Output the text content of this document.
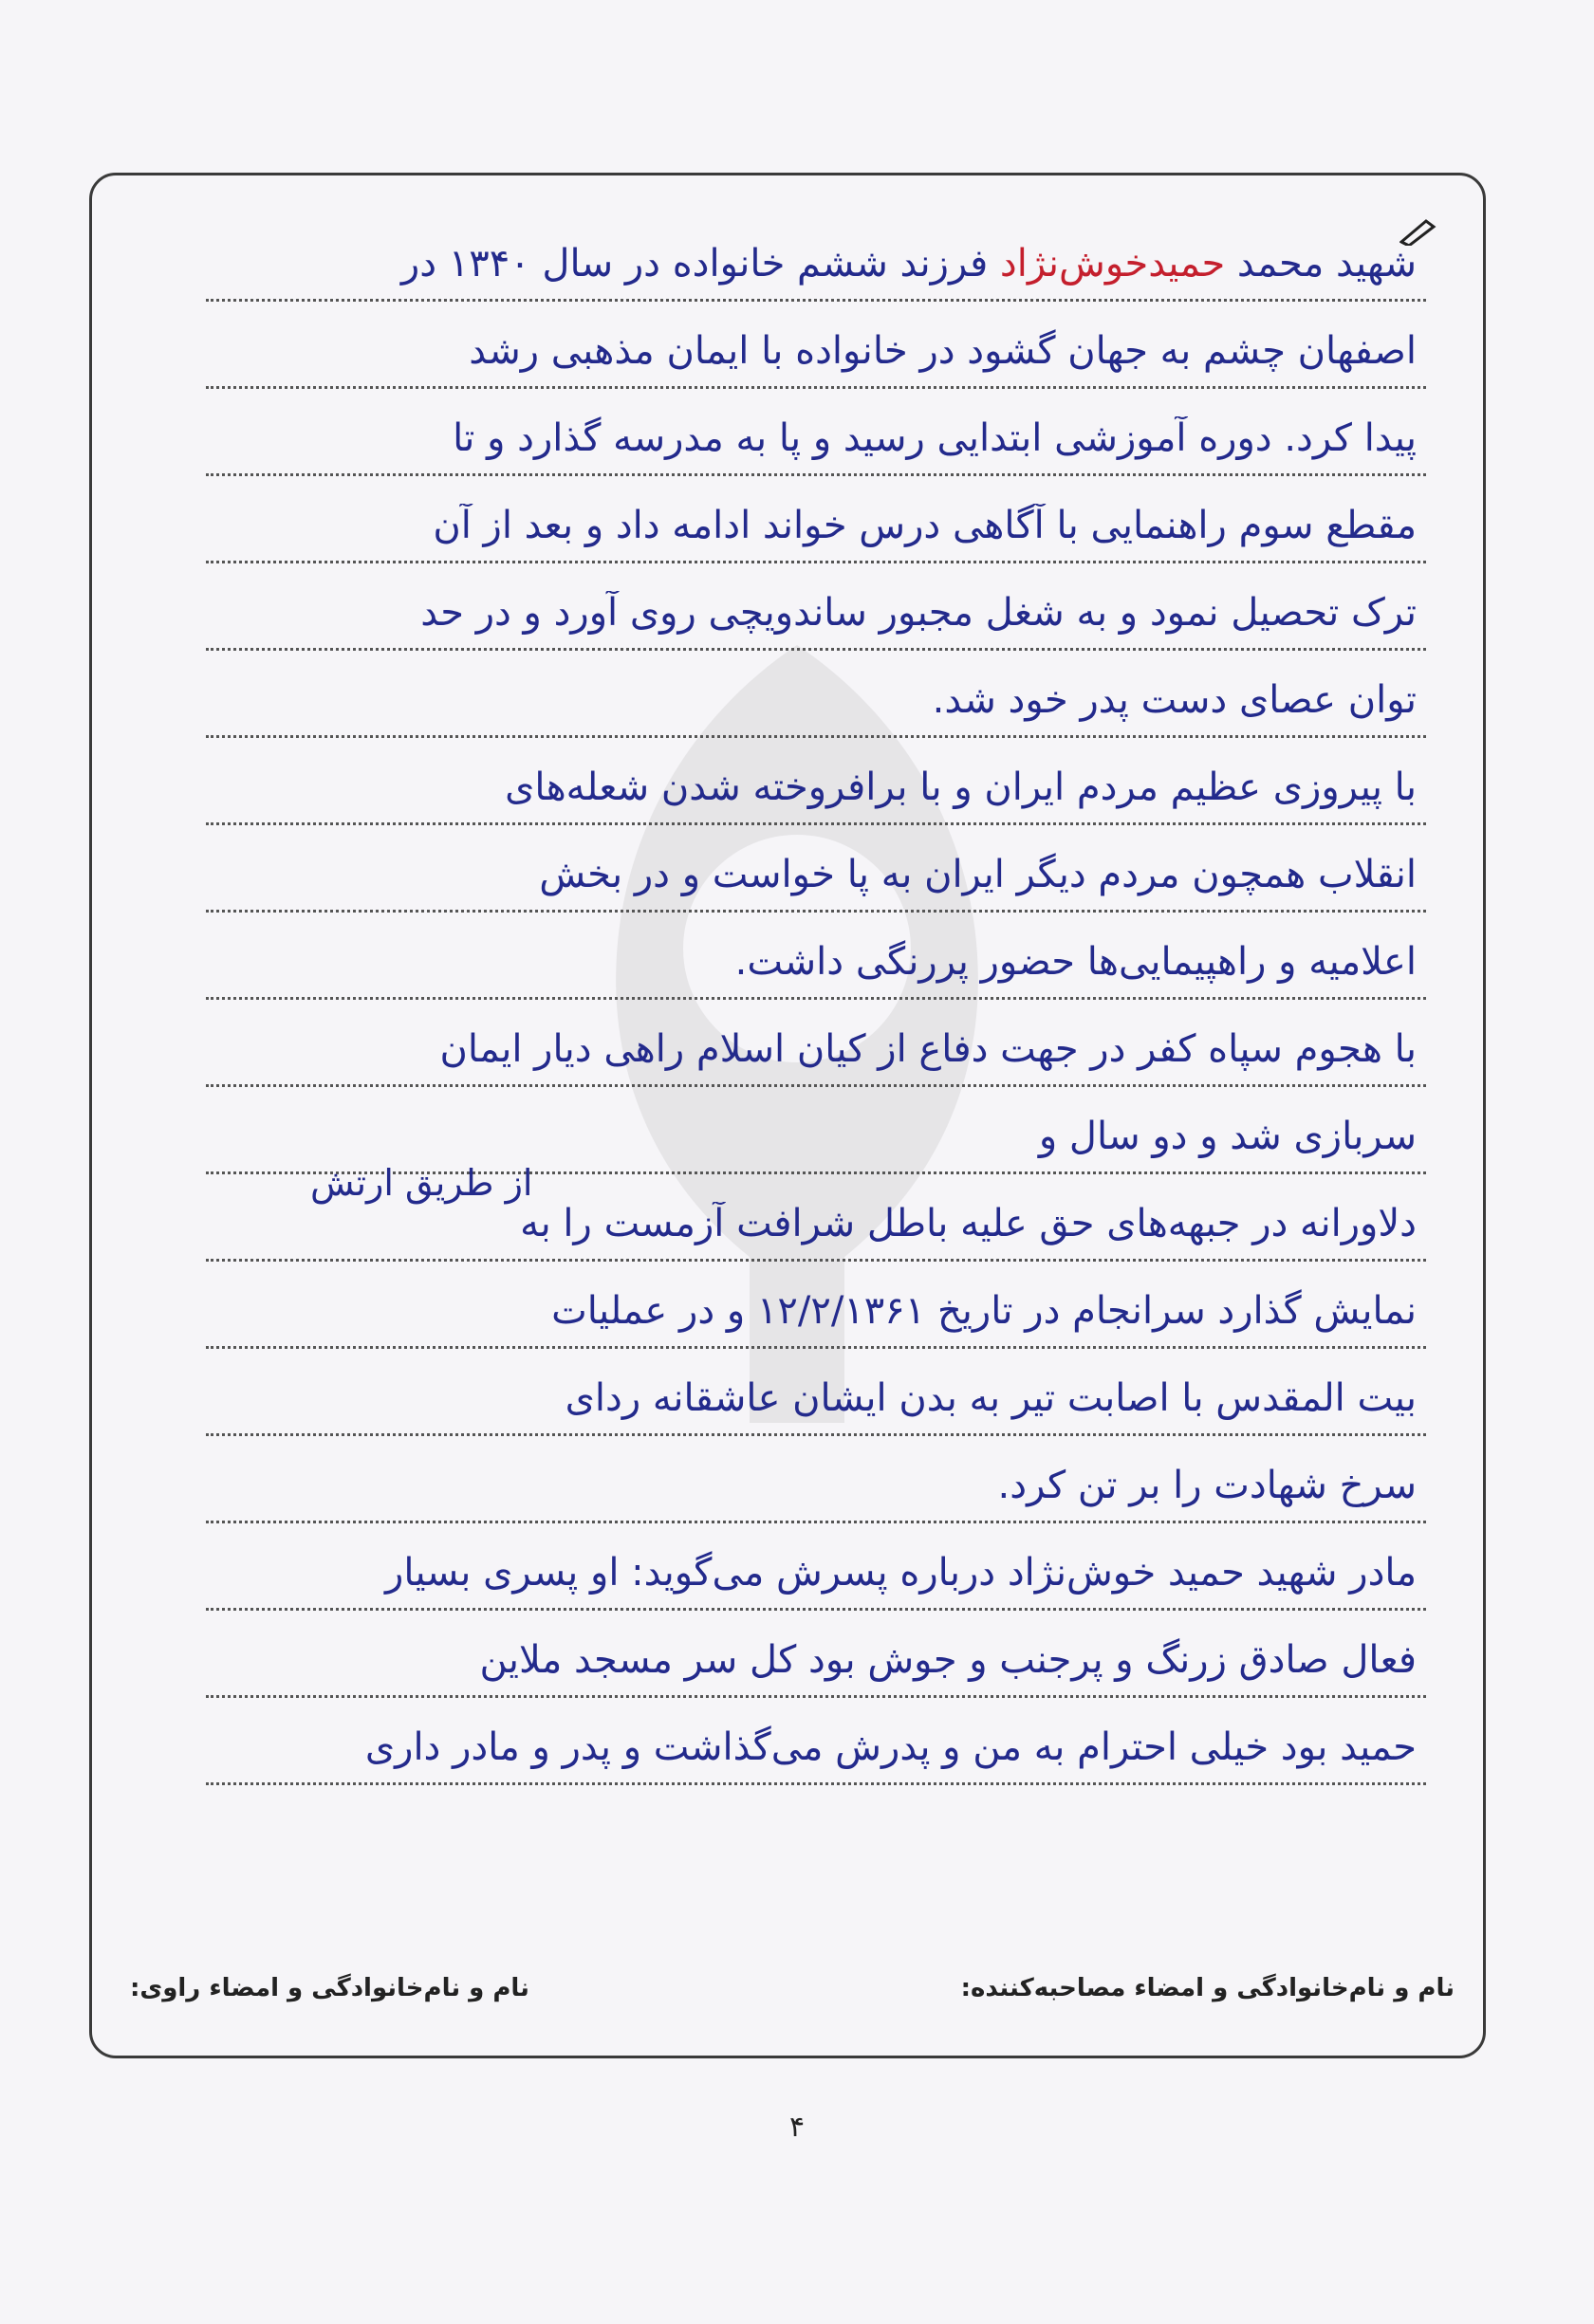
شهید محمد حمیدخوش‌نژاد فرزند ششم خانواده در سال ۱۳۴۰ در
اصفهان چشم به جهان گشود در خانواده با ایمان مذهبی رشد
پیدا کرد. دوره آموزشی ابتدایی رسید و پا به مدرسه گذارد و تا
مقطع سوم راهنمایی با آگاهی درس خواند ادامه داد و بعد از آن
ترک تحصیل نمود و به شغل مجبور ساندویچی روی آورد و در حد
توان عصای دست پدر خود شد.
با پیروزی عظیم مردم ایران و با برافروخته شدن شعله‌های
انقلاب همچون مردم دیگر ایران به پا خواست و در بخش
اعلامیه و راهپیمایی‌ها حضور پررنگی داشت.
با هجوم سپاه کفر در جهت دفاع از کیان اسلام راهی دیار ایمان
سربازی شد و دو سال و
دلاورانه در جبهه‌های حق علیه باطل شرافت آزمست را به
نمایش گذارد سرانجام در تاریخ ۱۲/۲/۱۳۶۱ و در عملیات
بیت المقدس با اصابت تیر به بدن ایشان عاشقانه ردای
سرخ شهادت را بر تن کرد.
مادر شهید حمید خوش‌نژاد درباره پسرش می‌گوید: او پسری بسیار
فعال صادق زرنگ و پرجنب و جوش بود کل سر مسجد ملاین
حمید بود خیلی احترام به من و پدرش می‌گذاشت و پدر و مادر داری
از طریق ارتش
نام و نام‌خانوادگی و امضاء مصاحبه‌کننده:
نام و نام‌خانوادگی و امضاء راوی:
۴
